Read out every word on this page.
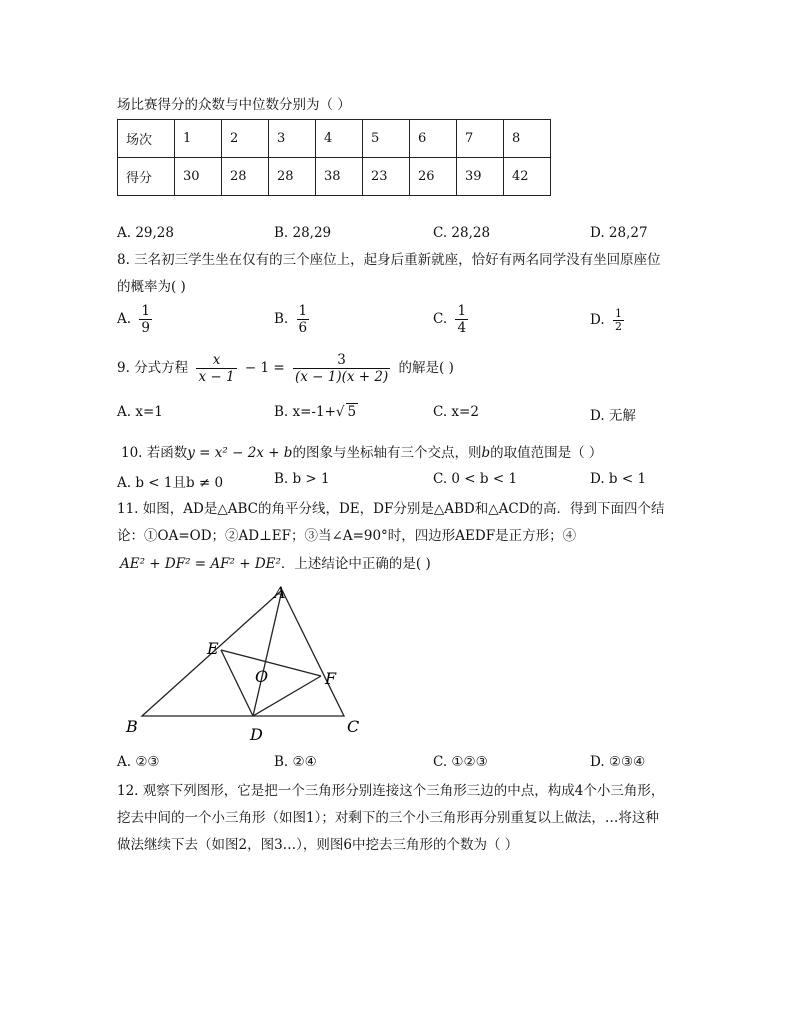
场比赛得分的众数与中位数分别为（ ）
场次	1	2	3	4	5	6	7	8
得分	30	28	28	38	23	26	39	42
A. 29,28	B. 28,29	C. 28,28	D. 28,27
8. 三名初三学生坐在仅有的三个座位上，起身后重新就座，恰好有两名同学没有坐回原座位
的概率为( )
A. $\frac{1}{9}$	B. $\frac{1}{6}$	C. $\frac{1}{4}$	D. $\frac{1}{2}$
9. 分式方程 $\frac{x}{x - 1} - 1 = \frac{3}{(x - 1)(x + 2)}$ 的解是( )
A. x=1	B. x=-1+√ 5	C. x=2	D. 无解
10. 若函数y = x² − 2x + b的图象与坐标轴有三个交点，则b的取值范围是（ ）
A. b < 1且b ≠ 0	B. b > 1	C. 0 < b < 1	D. b < 1
11. 如图，AD是△ABC的角平分线，DE，DF分别是△ABD和△ACD的高．得到下面四个结
论：①OA=OD；②AD⊥EF；③当∠A=90°时，四边形AEDF是正方形；④
AE² + DF² = AF² + DE²．上述结论中正确的是( )
A
B	C
D
E
F
O
A. ②③	B. ②④	C. ①②③	D. ②③④
12. 观察下列图形，它是把一个三角形分别连接这个三角形三边的中点，构成4个小三角形，
挖去中间的一个小三角形（如图1）；对剩下的三个小三角形再分别重复以上做法，…将这种
做法继续下去（如图2，图3…），则图6中挖去三角形的个数为（ ）
